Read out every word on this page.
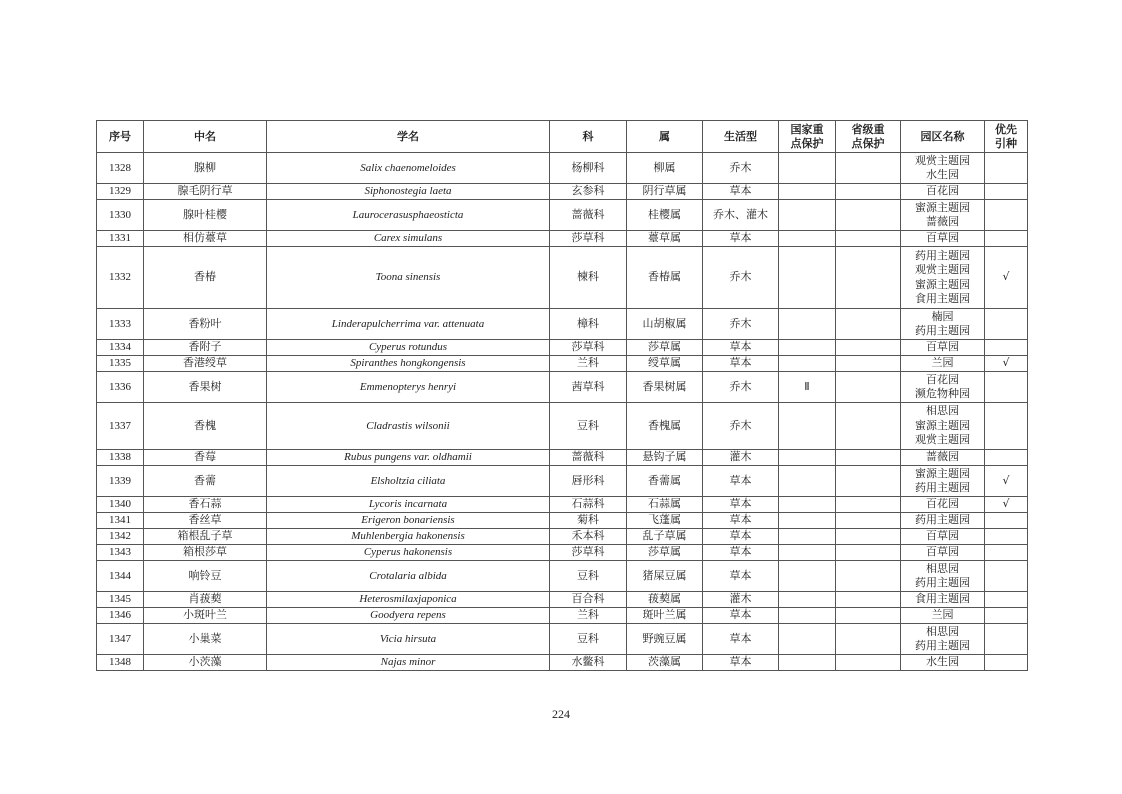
序号	中名	学名	科	属	生活型	国家重点保护	省级重点保护	园区名称	优先引种
1328	腺柳	Salix chaenomeloides	杨柳科	柳属	乔木			观赏主题园
水生园	

1329	腺毛阴行草	Siphonostegia laeta	玄参科	阴行草属	草本			百花园	

1330	腺叶桂樱	Laurocerasusphaeosticta	蔷薇科	桂樱属	乔木、灌木			蜜源主题园
蔷薇园	

1331	相仿薹草	Carex simulans	莎草科	薹草属	草本			百草园	

1332	香椿	Toona sinensis	楝科	香椿属	乔木			药用主题园
观赏主题园
蜜源主题园
食用主题园	√
1333	香粉叶	Linderapulcherrima var. attenuata	樟科	山胡椒属	乔木			楠园
药用主题园	

1334	香附子	Cyperus rotundus	莎草科	莎草属	草本			百草园	

1335	香港绶草	Spiranthes hongkongensis	兰科	绶草属	草本			兰园	√
1336	香果树	Emmenopterys henryi	茜草科	香果树属	乔木	Ⅱ		百花园
濒危物种园	

1337	香槐	Cladrastis wilsonii	豆科	香槐属	乔木			相思园
蜜源主题园
观赏主题园	

1338	香莓	Rubus pungens var. oldhamii	蔷薇科	悬钩子属	灌木			蔷薇园	

1339	香薷	Elsholtzia ciliata	唇形科	香薷属	草本			蜜源主题园
药用主题园	√
1340	香石蒜	Lycoris incarnata	石蒜科	石蒜属	草本			百花园	√
1341	香丝草	Erigeron bonariensis	菊科	飞蓬属	草本			药用主题园	

1342	箱根乱子草	Muhlenbergia hakonensis	禾本科	乱子草属	草本			百草园	

1343	箱根莎草	Cyperus hakonensis	莎草科	莎草属	草本			百草园	

1344	响铃豆	Crotalaria albida	豆科	猪屎豆属	草本			相思园
药用主题园	

1345	肖菝葜	Heterosmilaxjaponica	百合科	菝葜属	灌木			食用主题园	

1346	小斑叶兰	Goodyera repens	兰科	斑叶兰属	草本			兰园	

1347	小巢菜	Vicia hirsuta	豆科	野豌豆属	草本			相思园
药用主题园	

1348	小茨藻	Najas minor	水鳖科	茨藻属	草本			水生园	

224
